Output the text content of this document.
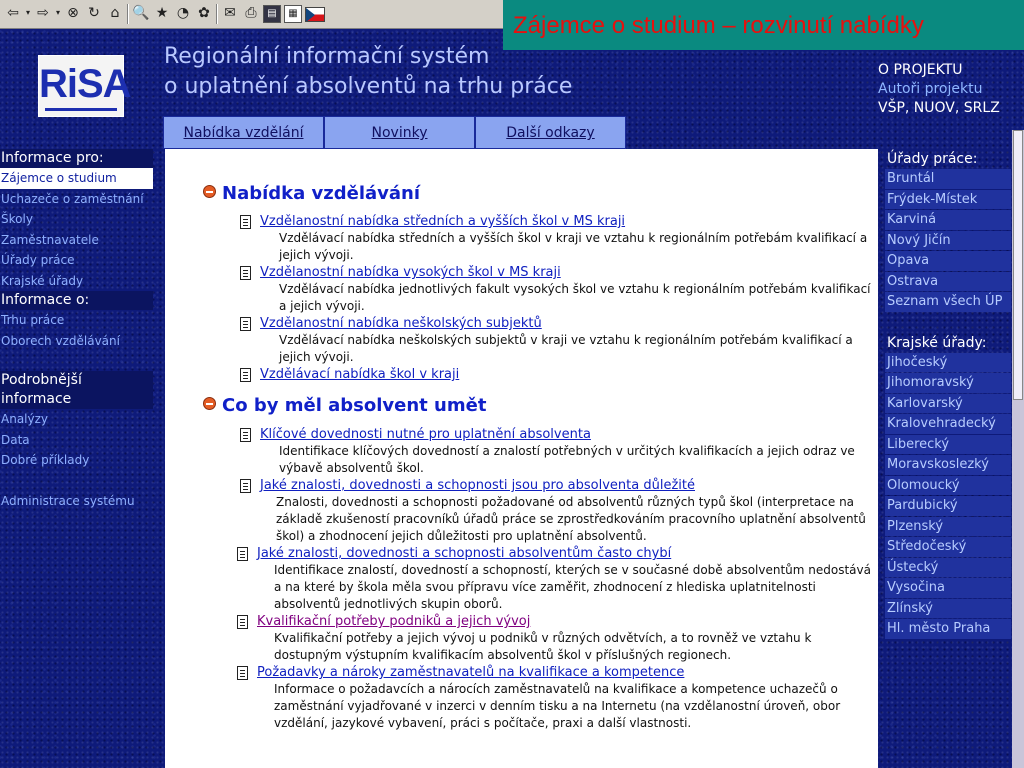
⇦ ▾ ⇨ ▾ ⊗ ↻ ⌂ 🔍 ★ ◔ ✿ ✉ ⎙	▤	▦	Zájemce o studium – rozvinutí nabídky
RiSA
Regionální informační systém
o uplatnění absolventů na trhu práce
O PROJEKTU
Autoři projektu
VŠP, NUOV, SRLZ
Nabídka vzdělání	Novinky	Další odkazy
Informace pro:
Zájemce o studium
Uchazeče o zaměstnání
Školy
Zaměstnavatele
Úřady práce
Krajské úřady
Informace o:
Trhu práce
Oborech vzdělávání
Podrobnější informace
Analýzy
Data
Dobré příklady
Administrace systému
Úřady práce:
Bruntál
Frýdek-Místek
Karviná
Nový Jičín
Opava
Ostrava
Seznam všech ÚP
Krajské úřady:
Jihočeský
Jihomoravský
Karlovarský
Kralovehradecký
Liberecký
Moravskoslezký
Olomoucký
Pardubický
Plzenský
Středočeský
Ústecký
Vysočina
Zlínský
Hl. město Praha
Nabídka vzdělávání
Vzdělanostní nabídka středních a vyšších škol v MS kraji
Vzdělávací nabídka středních a vyšších škol v kraji ve vztahu k regionálním potřebám kvalifikací a jejich vývoji.
Vzdělanostní nabídka vysokých škol v MS kraji
Vzdělávací nabídka jednotlivých fakult vysokých škol ve vztahu k regionálním potřebám kvalifikací a jejich vývoji.
Vzdělanostní nabídka neškolských subjektů
Vzdělávací nabídka neškolských subjektů v kraji ve vztahu k regionálním potřebám kvalifikací a jejich vývoji.
Vzdělávací nabídka škol v kraji
Co by měl absolvent umět
Klíčové dovednosti nutné pro uplatnění absolventa
Identifikace klíčových dovedností a znalostí potřebných v určitých kvalifikacích a jejich odraz ve výbavě absolventů škol.
Jaké znalosti, dovednosti a schopnosti jsou pro absolventa důležité
Znalosti, dovednosti a schopnosti požadované od absolventů různých typů škol (interpretace na základě zkušeností pracovníků úřadů práce se zprostředkováním pracovního uplatnění absolventů škol) a zhodnocení jejich důležitosti pro uplatnění absolventů.
Jaké znalosti, dovednosti a schopnosti absolventům často chybí
Identifikace znalostí, dovedností a schopností, kterých se v současné době absolventům nedostává a na které by škola měla svou přípravu více zaměřit, zhodnocení z hlediska uplatnitelnosti absolventů jednotlivých skupin oborů.
Kvalifikační potřeby podniků a jejich vývoj
Kvalifikační potřeby a jejich vývoj u podniků v různých odvětvích, a to rovněž ve vztahu k dostupným výstupním kvalifikacím absolventů škol v příslušných regionech.
Požadavky a nároky zaměstnavatelů na kvalifikace a kompetence
Informace o požadavcích a nárocích zaměstnavatelů na kvalifikace a kompetence uchazečů o zaměstnání vyjadřované v inzerci v denním tisku a na Internetu (na vzdělanostní úroveň, obor vzdělání, jazykové vybavení, práci s počítače, praxi a další vlastnosti.
